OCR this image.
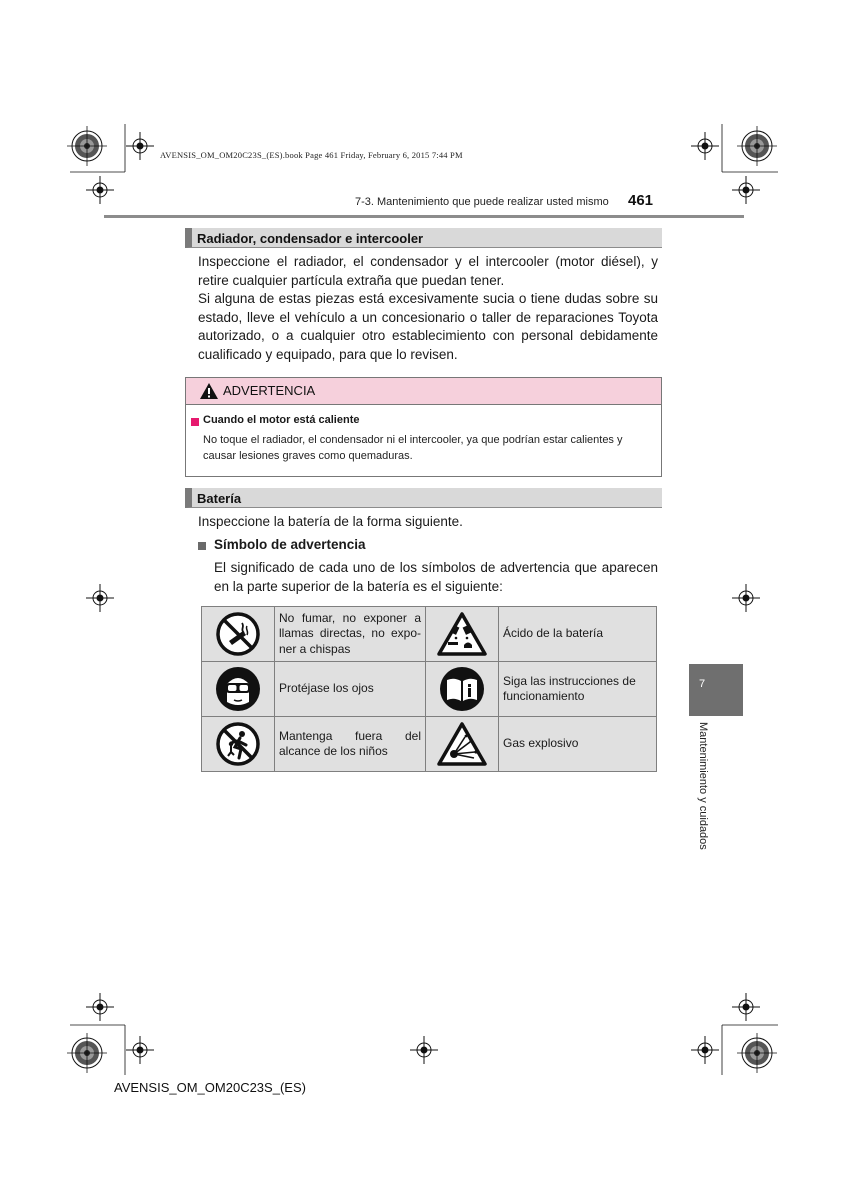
AVENSIS_OM_OM20C23S_(ES).book Page 461 Friday, February 6, 2015 7:44 PM
7-3. Mantenimiento que puede realizar usted mismo 461
Radiador, condensador e intercooler
Inspeccione el radiador, el condensador y el intercooler (motor diésel), y retire cualquier partícula extraña que puedan tener.
Si alguna de estas piezas está excesivamente sucia o tiene dudas sobre su estado, lleve el vehículo a un concesionario o taller de reparaciones Toyota autorizado, o a cualquier otro establecimiento con personal debidamente cualificado y equipado, para que lo revisen.
ADVERTENCIA
Cuando el motor está caliente
No toque el radiador, el condensador ni el intercooler, ya que podrían estar calientes y causar lesiones graves como quemaduras.
Batería
Inspeccione la batería de la forma siguiente.
Símbolo de advertencia
El significado de cada uno de los símbolos de advertencia que aparecen en la parte superior de la batería es el siguiente:
	No fumar, no exponer a llamas directas, no expo-ner a chispas		Ácido de la batería

	Protéjase los ojos		Siga las instrucciones de funcionamiento

	Mantenga fuera del alcance de los niños		Gas explosivo
7
Mantenimiento y cuidados
AVENSIS_OM_OM20C23S_(ES)
